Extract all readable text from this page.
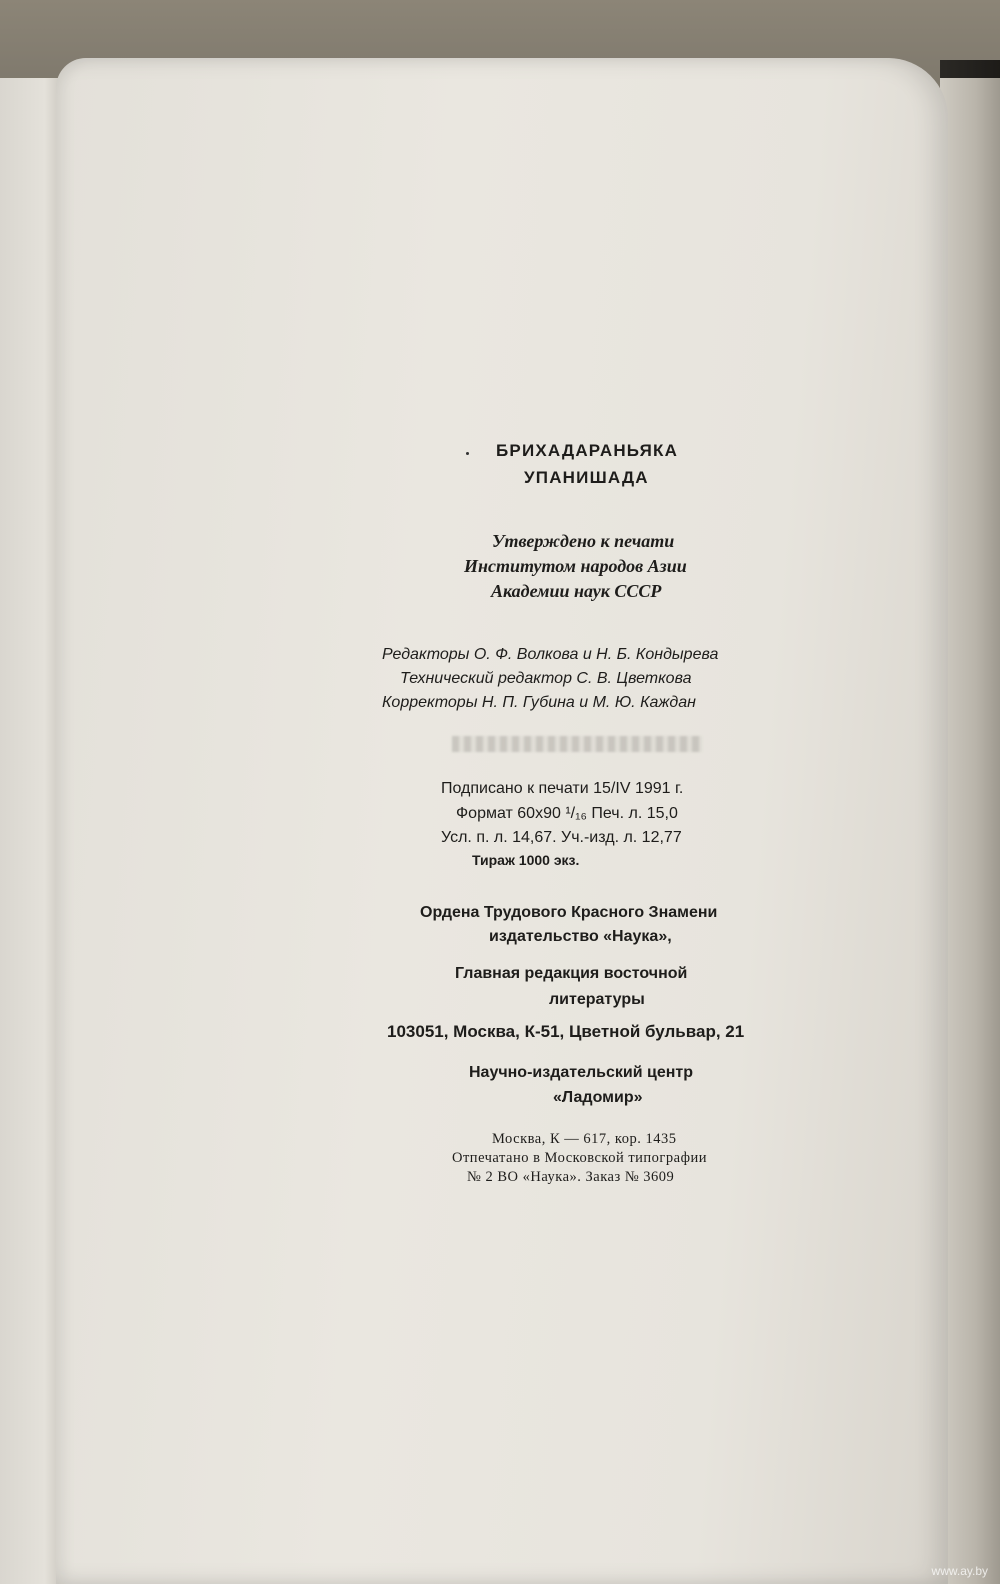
БРИХАДАРАНЬЯКА
УПАНИШАДА
Утверждено к печати
Институтом народов Азии
Академии наук СССР
Редакторы О. Ф. Волкова и Н. Б. Кондырева
Технический редактор С. В. Цветкова
Корректоры Н. П. Губина и М. Ю. Каждан
Подписано к печати 15/IV 1991 г.
Формат 60х90 ¹/₁₆ Печ. л. 15,0
Усл. п. л. 14,67. Уч.-изд. л. 12,77
Тираж 1000 экз.
Ордена Трудового Красного Знамени
издательство «Наука»,
Главная редакция восточной
литературы
103051, Москва, К-51, Цветной бульвар, 21
Научно-издательский центр
«Ладомир»
Москва, К — 617, кор. 1435
Отпечатано в Московской типографии
№ 2 ВО «Наука». Заказ № 3609
www.ay.by
